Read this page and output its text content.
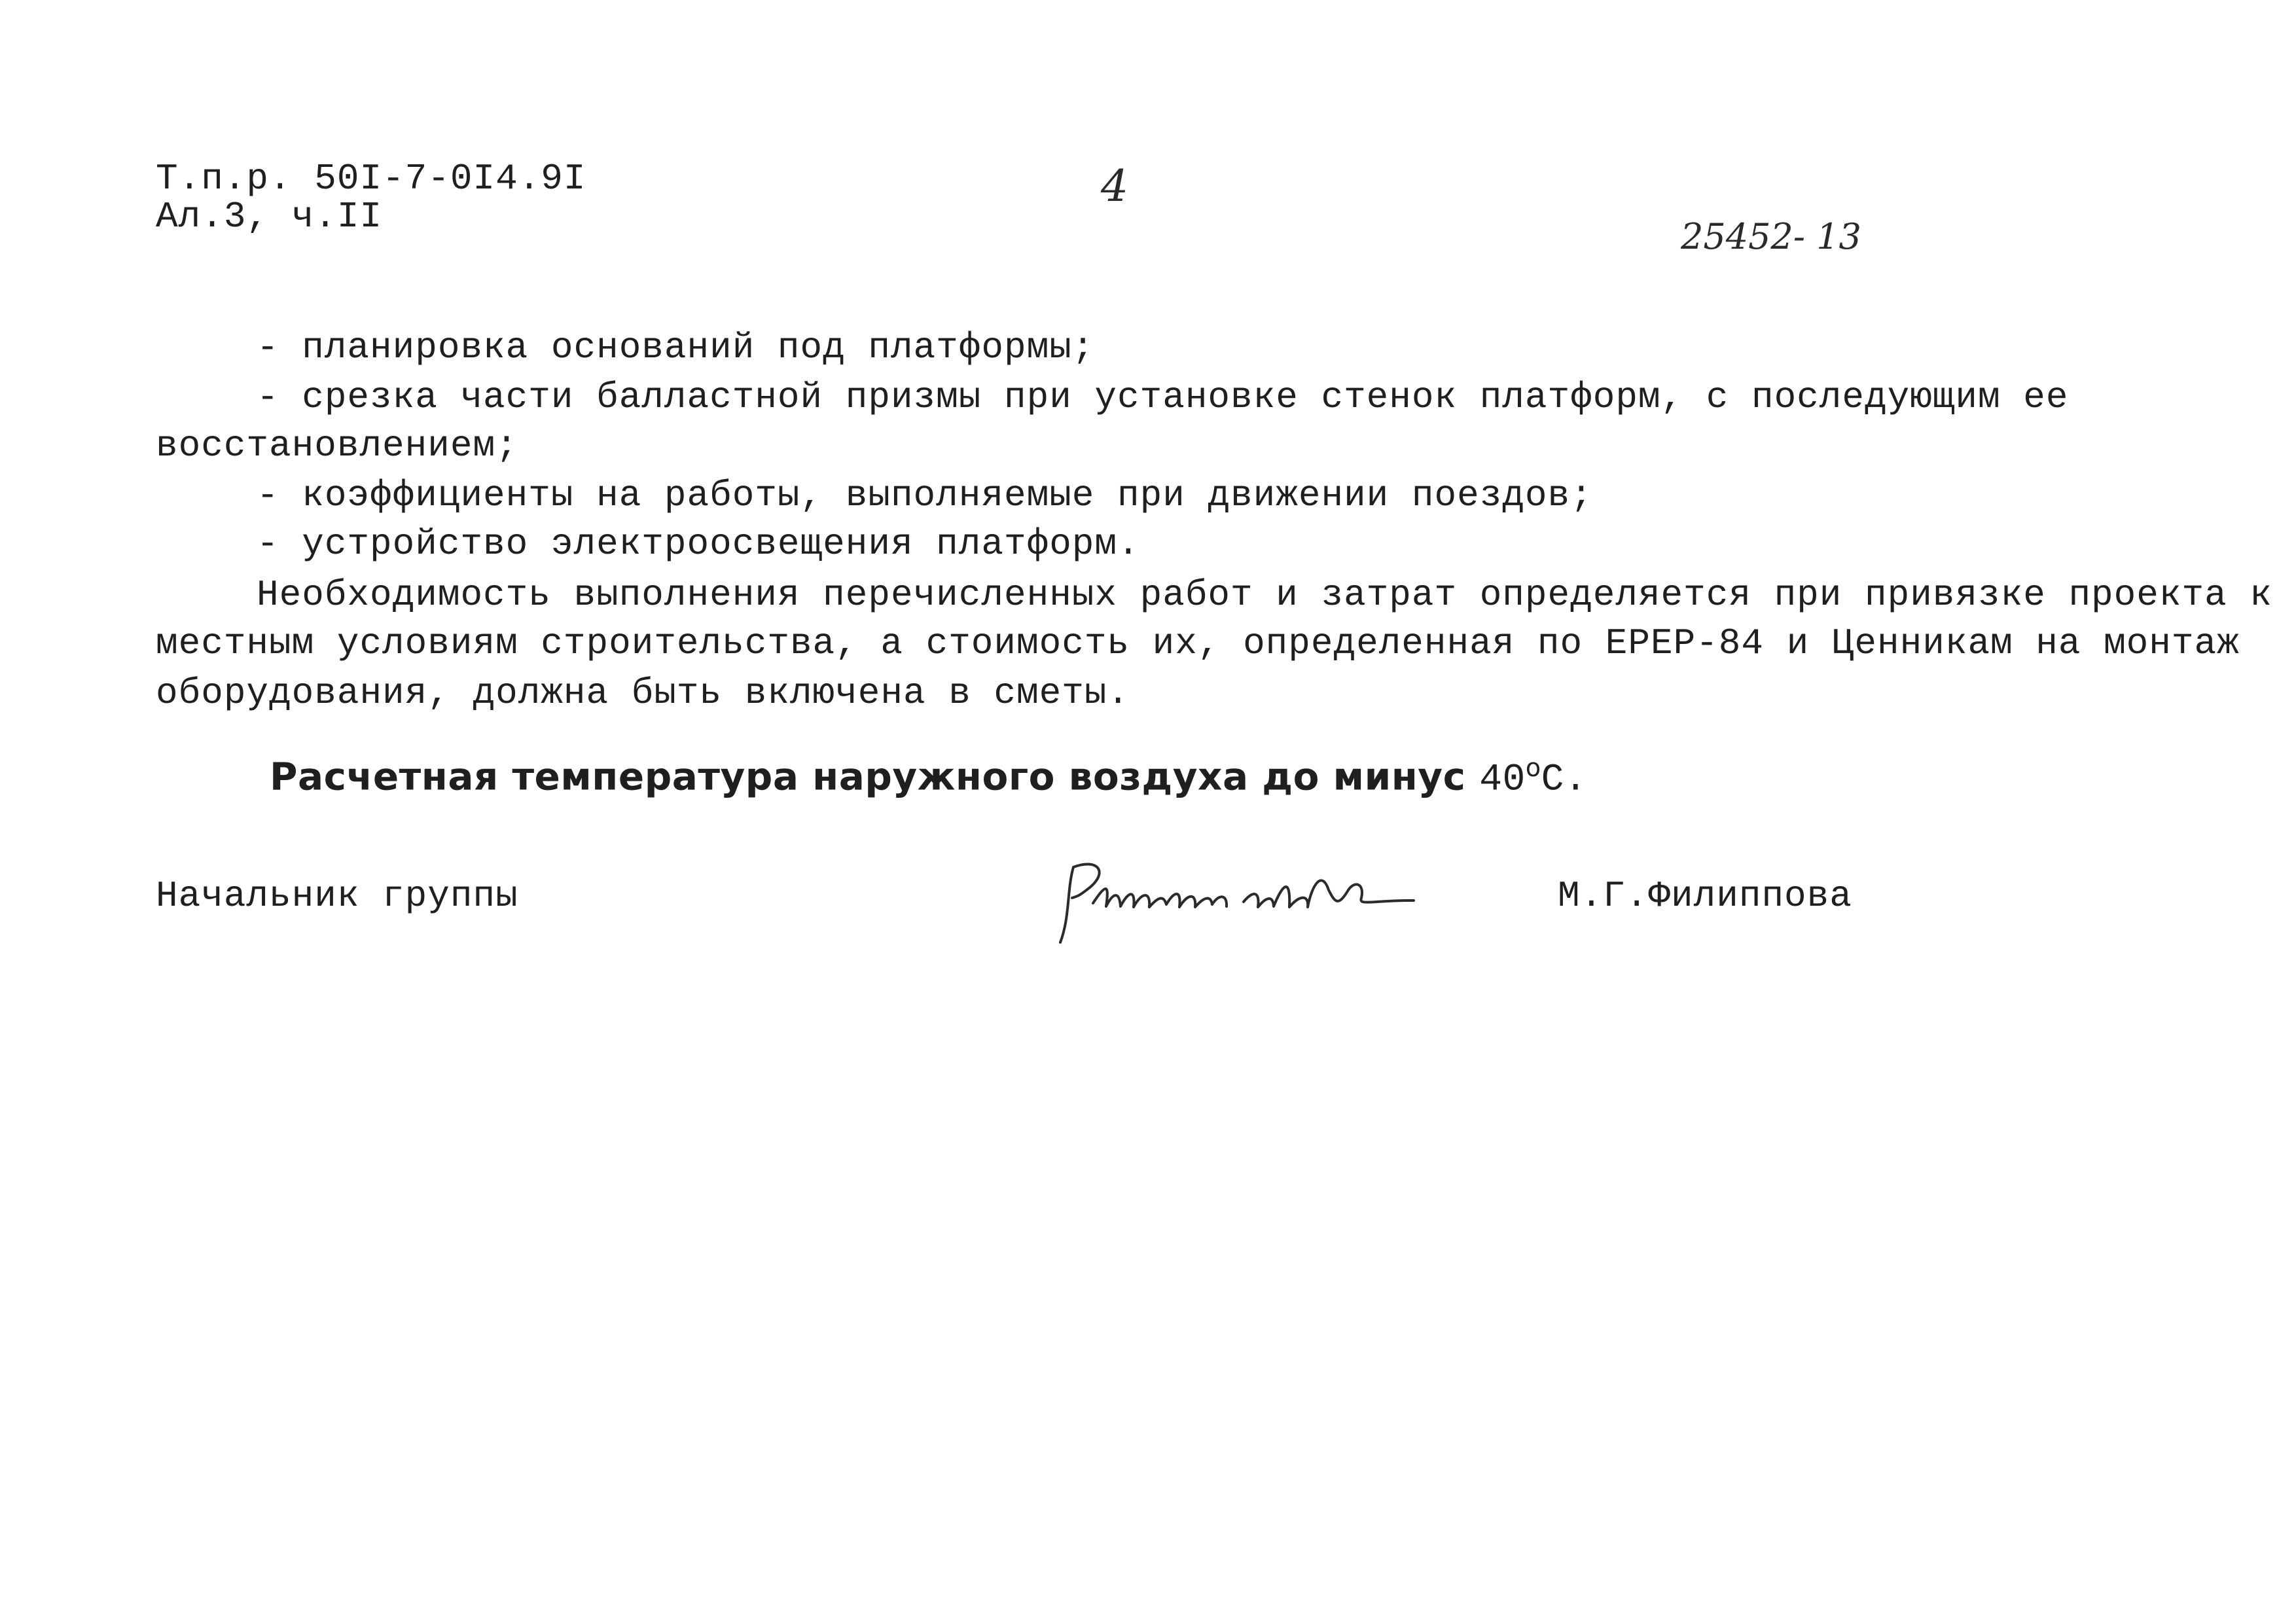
Т.п.р. 50I-7-0I4.9I
Ал.3, ч.II
4
25452- 13
- планировка оснований под платформы;
- срезка части балластной призмы при установке стенок платформ, с последующим ее
восстановлением;
- коэффициенты на работы, выполняемые при движении поездов;
- устройство электроосвещения платформ.
Необходимость выполнения перечисленных работ и затрат определяется при привязке проекта к
местным условиям строительства, а стоимость их, определенная по ЕРЕР-84 и Ценникам на монтаж
оборудования, должна быть включена в сметы.
Расчетная температура наружного воздуха до минус $40^оС$.
Начальник группы	М.Г.Филиппова
